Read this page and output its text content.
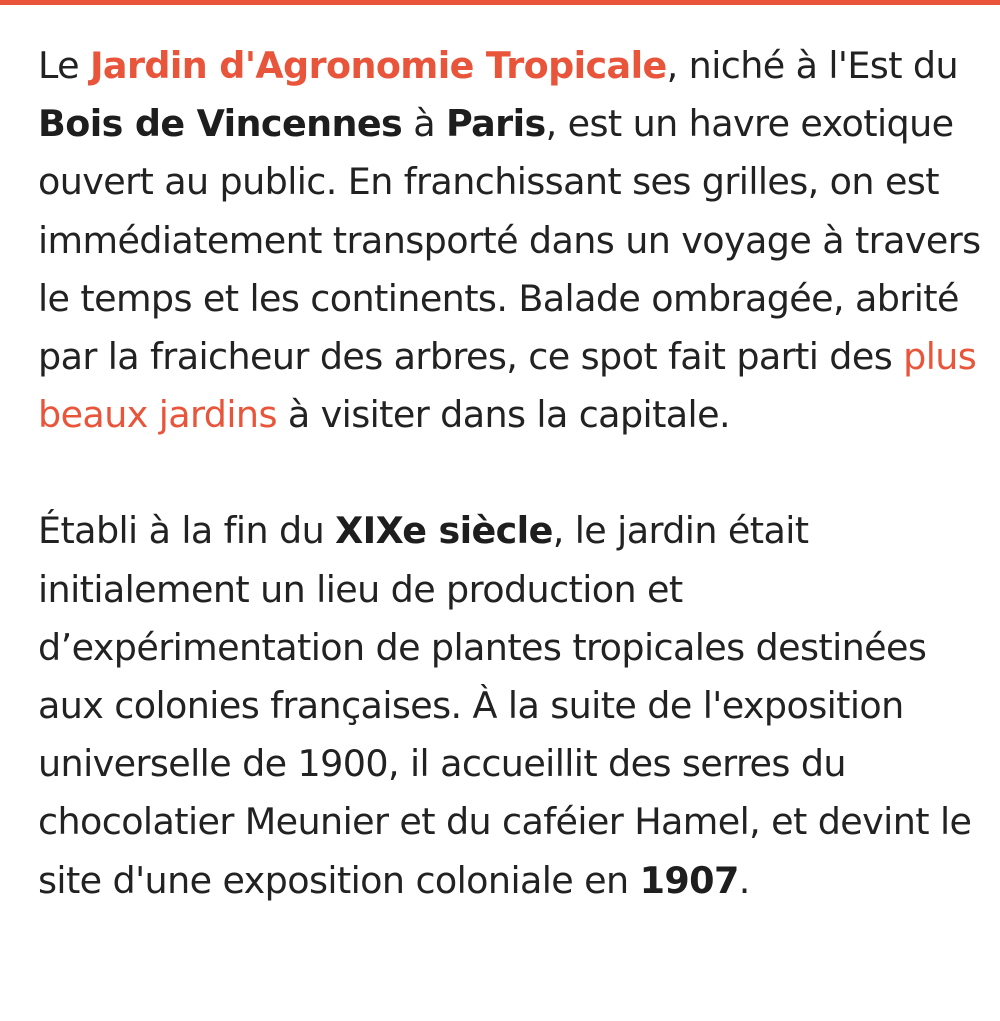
Le Jardin d'Agronomie Tropicale, niché à l'Est du Bois de Vincennes à Paris, est un havre exotique ouvert au public. En franchissant ses grilles, on est immédiatement transporté dans un voyage à travers le temps et les continents. Balade ombragée, abrité par la fraicheur des arbres, ce spot fait parti des plus beaux jardins à visiter dans la capitale.

Établi à la fin du XIXe siècle, le jardin était initialement un lieu de production et d’expérimentation de plantes tropicales destinées aux colonies françaises. À la suite de l'exposition universelle de 1900, il accueillit des serres du chocolatier Meunier et du caféier Hamel, et devint le site d'une exposition coloniale en 1907.
